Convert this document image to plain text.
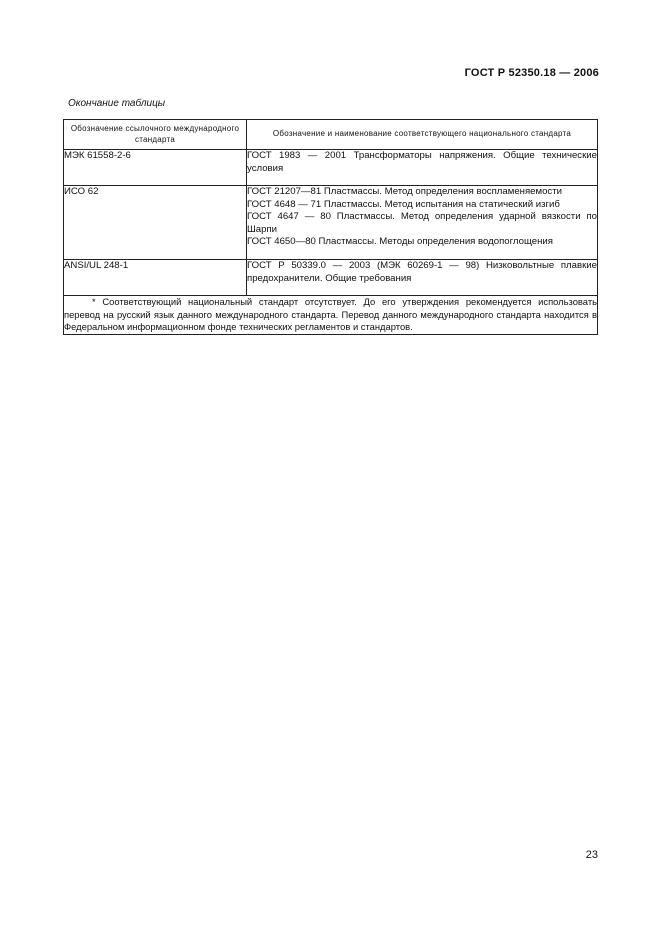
ГОСТ Р 52350.18 — 2006
Окончание таблицы
Обозначение ссылочного международного стандарта	Обозначение и наименование соответствующего национального стандарта
МЭК 61558-2-6	ГОСТ 1983 — 2001 Трансформаторы напряжения. Общие технические условия

ИСО 62	ГОСТ 21207—81 Пластмассы. Метод определения воспламеняемости
ГОСТ 4648 — 71 Пластмассы. Метод испытания на статический изгиб
ГОСТ 4647 — 80 Пластмассы. Метод определения ударной вязкости по Шарпи
ГОСТ 4650—80 Пластмассы. Методы определения водопоглощения

ANSI/UL 248-1	ГОСТ Р 50339.0 — 2003 (МЭК 60269-1 — 98) Низковольтные плавкие предохранители. Общие требования

* Соответствующий национальный стандарт отсутствует. До его утверждения рекомендуется использовать перевод на русский язык данного международного стандарта. Перевод данного международного стандарта находится в Федеральном информационном фонде технических регламентов и стандартов.	
23
